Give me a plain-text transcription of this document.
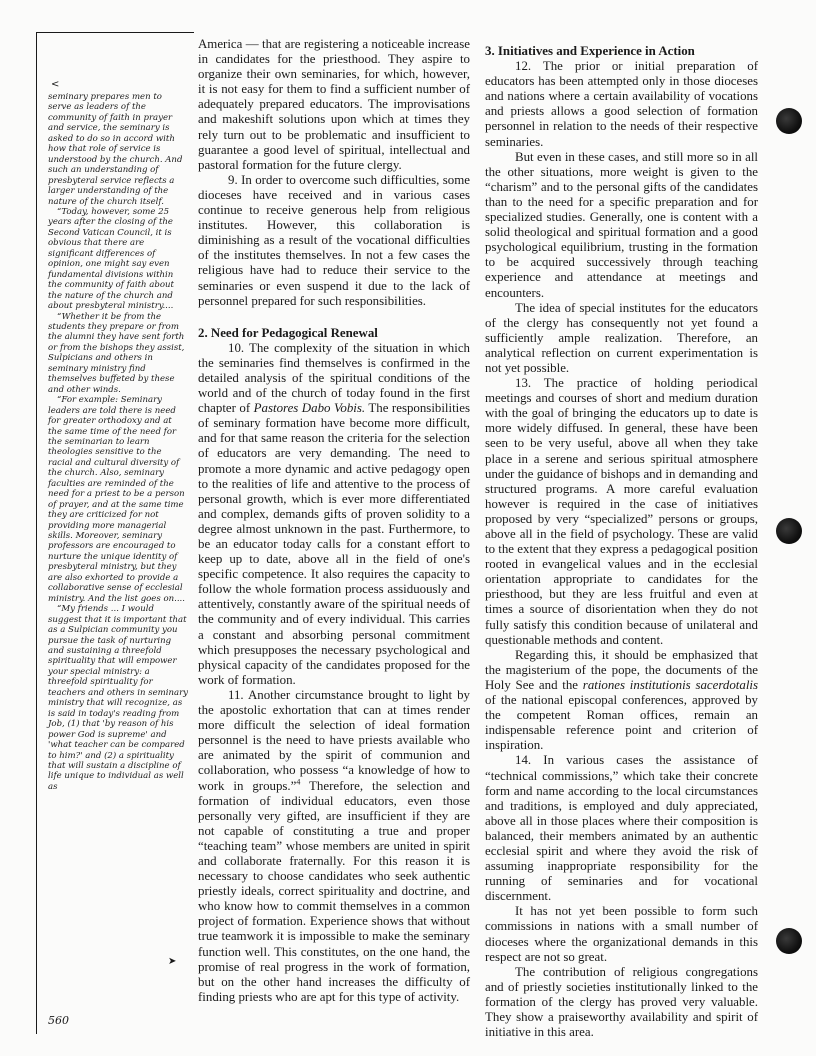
<

seminary prepares men to serve as leaders of the community of faith in prayer and service, the seminary is asked to do so in accord with how that role of service is understood by the church. And such an understanding of presbyteral service reflects a larger understanding of the nature of the church itself.

“Today, however, some 25 years after the closing of the Second Vatican Council, it is obvious that there are significant differences of opinion, one might say even fundamental divisions within the community of faith about the nature of the church and about presbyteral ministry....

“Whether it be from the students they prepare or from the alumni they have sent forth or from the bishops they assist, Sulpicians and others in seminary ministry find themselves buffeted by these and other winds.

“For example: Seminary leaders are told there is need for greater orthodoxy and at the same time of the need for the seminarian to learn theologies sensitive to the racial and cultural diversity of the church. Also, seminary faculties are reminded of the need for a priest to be a person of prayer, and at the same time they are criticized for not providing more managerial skills. Moreover, seminary professors are encouraged to nurture the unique identity of presbyteral ministry, but they are also exhorted to provide a collaborative sense of ecclesial ministry. And the list goes on....

“My friends ... I would suggest that it is important that as a Sulpician community you pursue the task of nurturing and sustaining a threefold spirituality that will empower your special ministry: a threefold spirituality for teachers and others in seminary ministry that will recognize, as is said in today's reading from Job, (1) that 'by reason of his power God is supreme' and 'what teacher can be compared to him?' and (2) a spirituality that will sustain a discipline of life unique to individual as well as

➤
560

America — that are registering a noticeable increase in candidates for the priesthood. They aspire to organize their own seminaries, for which, however, it is not easy for them to find a sufficient number of adequately prepared educators. The improvisations and makeshift solutions upon which at times they rely turn out to be problematic and insufficient to guarantee a good level of spiritual, intellectual and pastoral formation for the future clergy.

9. In order to overcome such difficulties, some dioceses have received and in various cases continue to receive generous help from religious institutes. However, this collaboration is diminishing as a result of the vocational difficulties of the institutes themselves. In not a few cases the religious have had to reduce their service to the seminaries or even suspend it due to the lack of personnel prepared for such responsibilities.

2. Need for Pedagogical Renewal

10. The complexity of the situation in which the seminaries find themselves is confirmed in the detailed analysis of the spiritual conditions of the world and of the church of today found in the first chapter of Pastores Dabo Vobis. The responsibilities of seminary formation have become more difficult, and for that same reason the criteria for the selection of educators are very demanding. The need to promote a more dynamic and active pedagogy open to the realities of life and attentive to the process of personal growth, which is ever more differentiated and complex, demands gifts of proven solidity to a degree almost unknown in the past. Furthermore, to be an educator today calls for a constant effort to keep up to date, above all in the field of one's specific competence. It also requires the capacity to follow the whole formation process assiduously and attentively, constantly aware of the spiritual needs of the community and of every individual. This carries a constant and absorbing personal commitment which presupposes the necessary psychological and physical capacity of the candidates proposed for the work of formation.

11. Another circumstance brought to light by the apostolic exhortation that can at times render more difficult the selection of ideal formation personnel is the need to have priests available who are animated by the spirit of communion and collaboration, who possess “a knowledge of how to work in groups.”$^4$ Therefore, the selection and formation of individual educators, even those personally very gifted, are insufficient if they are not capable of constituting a true and proper “teaching team” whose members are united in spirit and collaborate fraternally. For this reason it is necessary to choose candidates who seek authentic priestly ideals, correct spirituality and doctrine, and who know how to commit themselves in a common project of formation. Experience shows that without true teamwork it is impossible to make the seminary function well. This constitutes, on the one hand, the promise of real progress in the work of formation, but on the other hand increases the difficulty of finding priests who are apt for this type of activity.

3. Initiatives and Experience in Action

12. The prior or initial preparation of educators has been attempted only in those dioceses and nations where a certain availability of vocations and priests allows a good selection of formation personnel in relation to the needs of their respective seminaries.

But even in these cases, and still more so in all the other situations, more weight is given to the “charism” and to the personal gifts of the candidates than to the need for a specific preparation and for specialized studies. Generally, one is content with a solid theological and spiritual formation and a good psychological equilibrium, trusting in the formation to be acquired successively through teaching experience and attendance at meetings and encounters.

The idea of special institutes for the educators of the clergy has consequently not yet found a sufficiently ample realization. Therefore, an analytical reflection on current experimentation is not yet possible.

13. The practice of holding periodical meetings and courses of short and medium duration with the goal of bringing the educators up to date is more widely diffused. In general, these have been seen to be very useful, above all when they take place in a serene and serious spiritual atmosphere under the guidance of bishops and in demanding and structured programs. A more careful evaluation however is required in the case of initiatives proposed by very “specialized” persons or groups, above all in the field of psychology. These are valid to the extent that they express a pedagogical position rooted in evangelical values and in the ecclesial orientation appropriate to candidates for the priesthood, but they are less fruitful and even at times a source of disorientation when they do not fully satisfy this condition because of unilateral and questionable methods and content.

Regarding this, it should be emphasized that the magisterium of the pope, the documents of the Holy See and the rationes institutionis sacerdotalis of the national episcopal conferences, approved by the competent Roman offices, remain an indispensable reference point and criterion of inspiration.

14. In various cases the assistance of “technical commissions,” which take their concrete form and name according to the local circumstances and traditions, is employed and duly appreciated, above all in those places where their composition is balanced, their members animated by an authentic ecclesial spirit and where they avoid the risk of assuming inappropriate responsibility for the running of seminaries and for vocational discernment.

It has not yet been possible to form such commissions in nations with a small number of dioceses where the organizational demands in this respect are not so great.

The contribution of religious congregations and of priestly societies institutionally linked to the formation of the clergy has proved very valuable. They show a praiseworthy availability and spirit of initiative in this area.
